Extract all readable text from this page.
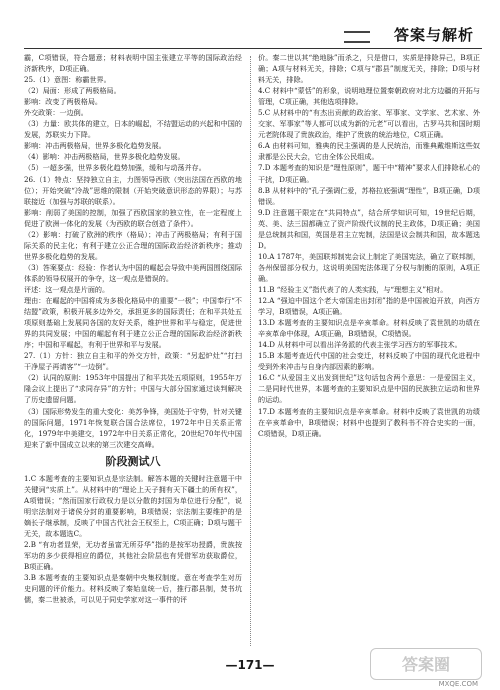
答案与解析

霸，C项错误，符合题意；材料表明中国主张建立平等的国际政治经济新秩序，D项正确。

25.（1）意图：称霸世界。

（2）局面：形成了两极格局。

影响：改变了两极格局。

外交政策：一边倒。

（3）力量：欧共体的建立，日本的崛起，不结盟运动的兴起和中国的发展，苏联实力下降。

影响：冲击两极格局，世界多极化趋势发展。

（4）影响：冲击两极格局，世界多极化趋势发展。

（5）一超多强，世界多极化趋势加强，缓和与动荡并存。

26.（1）特点：坚持独立自主，力图领导西欧（突出法国在西欧的地位）；开始突破“冷战”思维的限制（开始突破意识形态的界限）；与苏联接近（加强与苏联的联系）。

影响：削弱了美国的控制，加强了西欧国家的独立性，在一定程度上促进了欧洲一体化的发展（为西欧的联合创造了条件）。

（2）影响：打破了欧洲的秩序（格局）；冲击了两极格局；有利于国际关系的民主化；有利于建立公正合理的国际政治经济新秩序；推动世界多极化趋势的发展。

（3）答案要点：经验：作者认为中国的崛起会导致中美两国围绕国际体系的领导权展开的争夺，这一观点是错误的。

评述：这一观点是片面的。

理由：在崛起的中国将成为多极化格局中的重要“一极”；中国奉行“不结盟”政策，积极开展多边外交，承担更多的国际责任；在和平共处五项原则基础上发展同各国的友好关系，维护世界和平与稳定，促进世界的共同发展；中国的崛起有利于建立公正合理的国际政治经济新秩序；中国和平崛起，有利于世界和平与发展。

27.（1）方针：独立自主和平的外交方针，政策：“另起炉灶”“打扫干净屋子再请客”“一边倒”。

（2）认同的原则：1953年中国提出了和平共处五项原则，1955年万隆会议上提出了“求同存异”的方针；中国与大部分国家通过谈判解决了历史遗留问题。

（3）国际形势发生的重大变化：美苏争锋，美国处于守势，针对关键的国际问题，1971年恢复联合国合法席位，1972年中日关系正常化，1979年中美建交，1972年中日关系正常化，20世纪70年代中国迎来了新中国成立以来的第三次建交高峰。

阶段测试八

1.C 本题考查的主要知识点是宗法制。解答本题的关键时注意题干中关键词“实质上”。从材料中的“理论上天子拥有天下疆土的所有权”，A项错误；“然而国家行政权力是以分散的封国为单位进行分配”，说明宗法制对于诸侯分封的重要影响，B项错误；宗法制主要维护的是嫡长子继承制，反映了中国古代社会王权至上，C项正确；D项与题干无关，故本题选C。

2.B “有功者显荣，无功者虽富无所芬华”指的是按军功授爵，贵族按军功的多少获得相应的爵位，其他社会阶层也有凭借军功获取爵位，B项正确。

3.B 本题考查的主要知识点是秦朝中央集权制度。意在考查学生对历史问题的评价能力。材料反映了秦始皇统一后，推行郡县制，焚书坑儒，秦二世被杀，可以见于同史学家对这一事件的评

价。秦二世以其“绝地脉”而杀之，只是借口，实质是排除异己，B项正确；A项与材料无关，排除；C项与“郡县”制度无关，排除；D项与材料无关，排除。

4.C 材料中“蒙恬”的形象，说明地理位置秦朝政府对北方边疆的开拓与管理，C项正确，其他选项排除。

5.C 从材料中的“有杰出贡献的政治家、军事家、文学家、艺术家、外交家、军事家”等人都可以成为新的元老”可以看出，古罗马共和国时期元老院体现了贵族政治，维护了贵族的统治地位，C项正确。

6.A 由材料可知，雅典的民主强调的是人民统治，而雅典戴维斯这些奴隶都是公民大会，它由全体公民组成。

7.D 本题考查的知识是“理性原则”，题干中“精神”要求人们排除私心的干扰，D项正确。

8.B 从材料中的“孔子强调仁爱，苏格拉底强调“理性”，B项正确，D项错误。

9.D 注意题干限定在“共同特点”，结合所学知识可知，19世纪后期，英、美、法三国都确立了资产阶级代议制的民主政体，D项正确；美国是总统制共和国，英国是君主立宪制，法国是议会制共和国，故本题选D。

10.A 1787年，美国联邦制宪会议上制定了美国宪法，确立了联邦制，各州保留部分权力，这说明美国宪法体现了分权与制衡的原则，A项正确。

11.B “经验主义”指代表了的人类实践，与“理想主义”相对。

12.A “强迫中国这个老大帝国走出封闭”指的是中国被迫开放，向西方学习，B项错误，A项正确。

13.D 本题考查的主要知识点是辛亥革命。材料反映了袁世凯的功绩在辛亥革命中体现，A项正确，B项错误，C项错误。

14.D 从材料中可以看出洋务派的代表主张学习西方的军事技术。

15.B 本题考查近代中国的社会变迁，材料反映了中国的现代化进程中受到外来冲击与自身内部因素的影响。

16.C “从爱国主义出发到世纪”这句话包含两个意思：一是爱国主义，二是同时代世界，本题考查的主要知识点是中国的民族独立运动和世界的运动。

17.D 本题考查的主要知识点是辛亥革命。材料中反映了袁世凯的功绩在辛亥革命中，B项错误；材料中也提到了教科书不符合史实的一面，C项错误，D项正确。

—171—	答案圈
MXQE.COM
